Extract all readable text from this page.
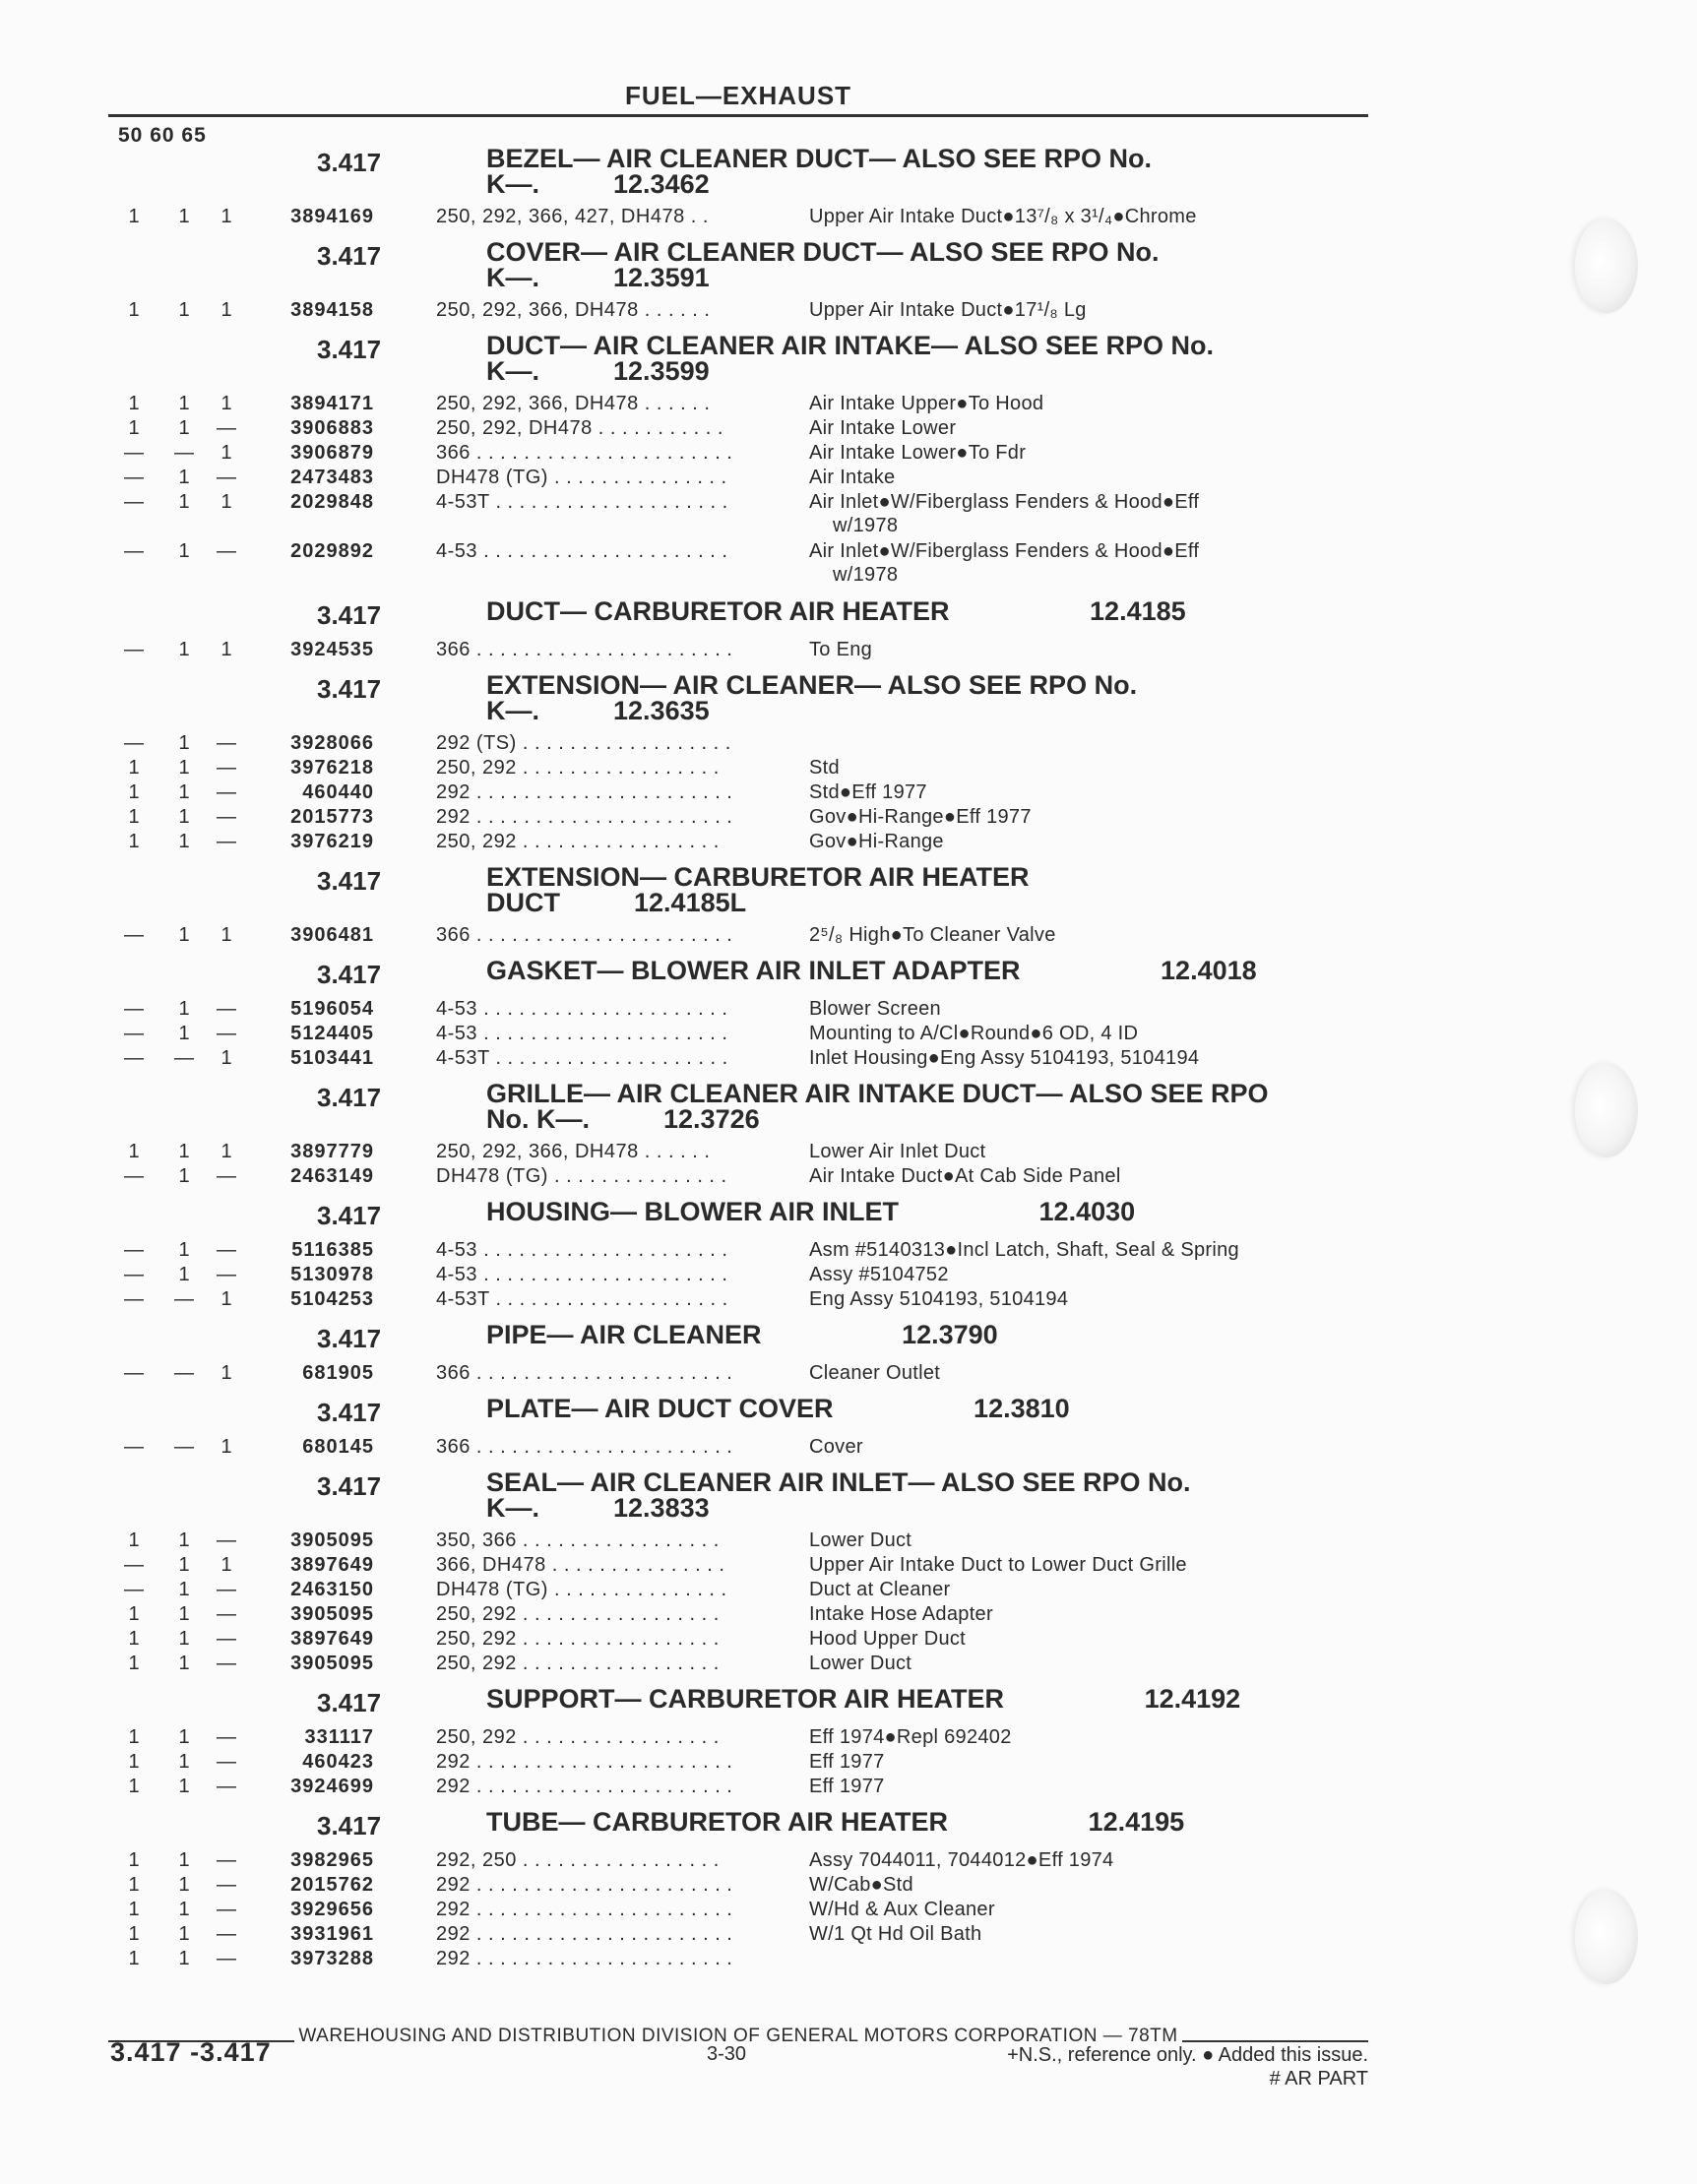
FUEL—EXHAUST
50 60 65
3.417	BEZEL— AIR CLEANER DUCT— ALSO SEE RPO No.
K—.	12.3462
1 1 1	3894169	250, 292, 366, 427, DH478 . .	Upper Air Intake Duct●13⁷/₈ x 3¹/₄●Chrome
3.417	COVER— AIR CLEANER DUCT— ALSO SEE RPO No.
K—.	12.3591
1 1 1	3894158	250, 292, 366, DH478 . . . . . .	Upper Air Intake Duct●17¹/₈ Lg
3.417	DUCT— AIR CLEANER AIR INTAKE— ALSO SEE RPO No.
K—.	12.3599
1 1 1	3894171	250, 292, 366, DH478 . . . . . .	Air Intake Upper●To Hood
1 1 —	3906883	250, 292, DH478 . . . . . . . . . . .	Air Intake Lower
— — 1	3906879	366 . . . . . . . . . . . . . . . . . . . . . .	Air Intake Lower●To Fdr
— 1 —	2473483	DH478 (TG) . . . . . . . . . . . . . . .	Air Intake
— 1 1	2029848	4-53T . . . . . . . . . . . . . . . . . . . .	Air Inlet●W/Fiberglass Fenders & Hood●Eff
w/1978
— 1 —	2029892	4-53 . . . . . . . . . . . . . . . . . . . . .	Air Inlet●W/Fiberglass Fenders & Hood●Eff
w/1978
3.417	DUCT— CARBURETOR AIR HEATER	12.4185
— 1 1	3924535	366 . . . . . . . . . . . . . . . . . . . . . .	To Eng
3.417	EXTENSION— AIR CLEANER— ALSO SEE RPO No.
K—.	12.3635
— 1 —	3928066	292 (TS) . . . . . . . . . . . . . . . . . .
1 1 —	3976218	250, 292 . . . . . . . . . . . . . . . . .	Std
1 1 —	460440	292 . . . . . . . . . . . . . . . . . . . . . .	Std●Eff 1977
1 1 —	2015773	292 . . . . . . . . . . . . . . . . . . . . . .	Gov●Hi-Range●Eff 1977
1 1 —	3976219	250, 292 . . . . . . . . . . . . . . . . .	Gov●Hi-Range
3.417	EXTENSION— CARBURETOR AIR HEATER
DUCT	12.4185L
— 1 1	3906481	366 . . . . . . . . . . . . . . . . . . . . . .	2⁵/₈ High●To Cleaner Valve
3.417	GASKET— BLOWER AIR INLET ADAPTER	12.4018
— 1 —	5196054	4-53 . . . . . . . . . . . . . . . . . . . . .	Blower Screen
— 1 —	5124405	4-53 . . . . . . . . . . . . . . . . . . . . .	Mounting to A/Cl●Round●6 OD, 4 ID
— — 1	5103441	4-53T . . . . . . . . . . . . . . . . . . . .	Inlet Housing●Eng Assy 5104193, 5104194
3.417	GRILLE— AIR CLEANER AIR INTAKE DUCT— ALSO SEE RPO
No. K—.	12.3726
1 1 1	3897779	250, 292, 366, DH478 . . . . . .	Lower Air Inlet Duct
— 1 —	2463149	DH478 (TG) . . . . . . . . . . . . . . .	Air Intake Duct●At Cab Side Panel
3.417	HOUSING— BLOWER AIR INLET	12.4030
— 1 —	5116385	4-53 . . . . . . . . . . . . . . . . . . . . .	Asm #5140313●Incl Latch, Shaft, Seal & Spring
— 1 —	5130978	4-53 . . . . . . . . . . . . . . . . . . . . .	Assy #5104752
— — 1	5104253	4-53T . . . . . . . . . . . . . . . . . . . .	Eng Assy 5104193, 5104194
3.417	PIPE— AIR CLEANER	12.3790
— — 1	681905	366 . . . . . . . . . . . . . . . . . . . . . .	Cleaner Outlet
3.417	PLATE— AIR DUCT COVER	12.3810
— — 1	680145	366 . . . . . . . . . . . . . . . . . . . . . .	Cover
3.417	SEAL— AIR CLEANER AIR INLET— ALSO SEE RPO No.
K—.	12.3833
1 1 —	3905095	350, 366 . . . . . . . . . . . . . . . . .	Lower Duct
— 1 1	3897649	366, DH478 . . . . . . . . . . . . . . .	Upper Air Intake Duct to Lower Duct Grille
— 1 —	2463150	DH478 (TG) . . . . . . . . . . . . . . .	Duct at Cleaner
1 1 —	3905095	250, 292 . . . . . . . . . . . . . . . . .	Intake Hose Adapter
1 1 —	3897649	250, 292 . . . . . . . . . . . . . . . . .	Hood Upper Duct
1 1 —	3905095	250, 292 . . . . . . . . . . . . . . . . .	Lower Duct
3.417	SUPPORT— CARBURETOR AIR HEATER	12.4192
1 1 —	331117	250, 292 . . . . . . . . . . . . . . . . .	Eff 1974●Repl 692402
1 1 —	460423	292 . . . . . . . . . . . . . . . . . . . . . .	Eff 1977
1 1 —	3924699	292 . . . . . . . . . . . . . . . . . . . . . .	Eff 1977
3.417	TUBE— CARBURETOR AIR HEATER	12.4195
1 1 —	3982965	292, 250 . . . . . . . . . . . . . . . . .	Assy 7044011, 7044012●Eff 1974
1 1 —	2015762	292 . . . . . . . . . . . . . . . . . . . . . .	W/Cab●Std
1 1 —	3929656	292 . . . . . . . . . . . . . . . . . . . . . .	W/Hd & Aux Cleaner
1 1 —	3931961	292 . . . . . . . . . . . . . . . . . . . . . .	W/1 Qt Hd Oil Bath
1 1 —	3973288	292 . . . . . . . . . . . . . . . . . . . . . .
WAREHOUSING AND DISTRIBUTION DIVISION OF GENERAL MOTORS CORPORATION — 78TM
3.417 -3.417	3-30	+N.S., reference only. ● Added this issue.
# AR PART
